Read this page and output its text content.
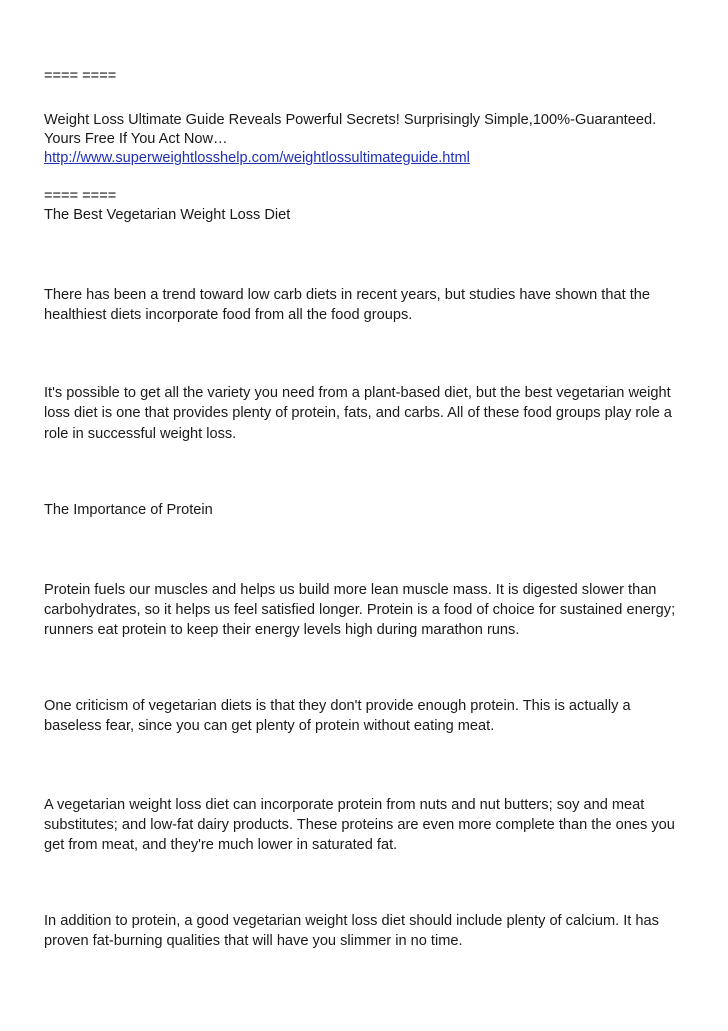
==== ====
Weight Loss Ultimate Guide Reveals Powerful Secrets! Surprisingly Simple,100%-Guaranteed.
Yours Free If You Act Now…
http://www.superweightlosshelp.com/weightlossultimateguide.html
==== ====
The Best Vegetarian Weight Loss Diet
There has been a trend toward low carb diets in recent years, but studies have shown that the
healthiest diets incorporate food from all the food groups.
It's possible to get all the variety you need from a plant-based diet, but the best vegetarian weight
loss diet is one that provides plenty of protein, fats, and carbs. All of these food groups play role a
role in successful weight loss.
The Importance of Protein
Protein fuels our muscles and helps us build more lean muscle mass. It is digested slower than
carbohydrates, so it helps us feel satisfied longer. Protein is a food of choice for sustained energy;
runners eat protein to keep their energy levels high during marathon runs.
One criticism of vegetarian diets is that they don't provide enough protein. This is actually a
baseless fear, since you can get plenty of protein without eating meat.
A vegetarian weight loss diet can incorporate protein from nuts and nut butters; soy and meat
substitutes; and low-fat dairy products. These proteins are even more complete than the ones you
get from meat, and they're much lower in saturated fat.
In addition to protein, a good vegetarian weight loss diet should include plenty of calcium. It has
proven fat-burning qualities that will have you slimmer in no time.
